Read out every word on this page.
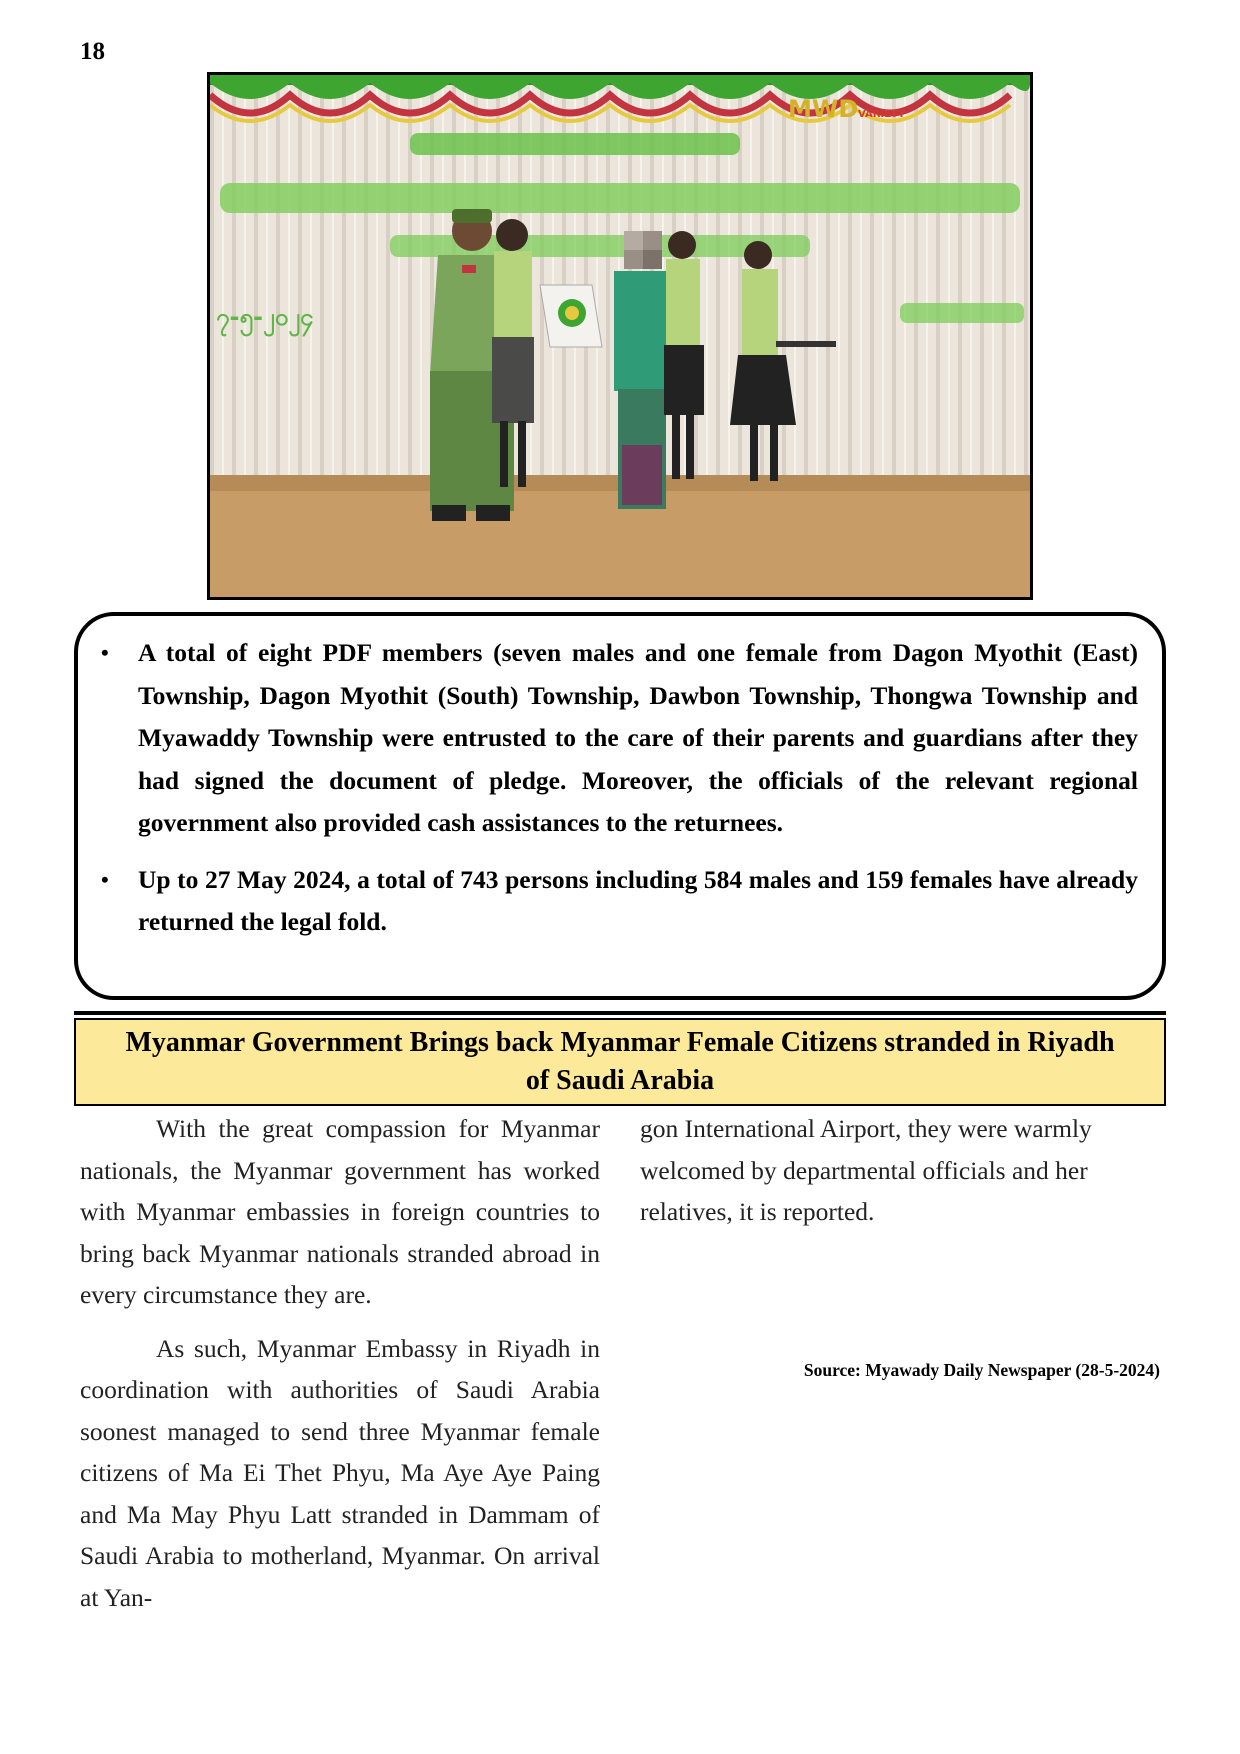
18
၇-၅-၂၀၂၄
MWD VARIETY
• A total of eight PDF members (seven males and one female from Dagon Myothit (East) Township, Dagon Myothit (South) Township, Dawbon Township, Thongwa Township and Myawaddy Township were entrusted to the care of their parents and guardians after they had signed the document of pledge. Moreover, the officials of the relevant regional government also provided cash assistances to the returnees.
• Up to 27 May 2024, a total of 743 persons including 584 males and 159 females have already returned the legal fold.
Myanmar Government Brings back Myanmar Female Citizens stranded in Riyadh of Saudi Arabia

With the great compassion for Myanmar nationals, the Myanmar government has worked with Myanmar embassies in foreign countries to bring back Myanmar nationals stranded abroad in every circumstance they are.

As such, Myanmar Embassy in Riyadh in coordination with authorities of Saudi Arabia soonest managed to send three Myanmar female citizens of Ma Ei Thet Phyu, Ma Aye Aye Paing and Ma May Phyu Latt stranded in Dammam of Saudi Arabia to motherland, Myanmar. On arrival at Yan-

gon International Airport, they were warmly welcomed by departmental officials and her relatives, it is reported.

Source: Myawady Daily Newspaper (28-5-2024)
